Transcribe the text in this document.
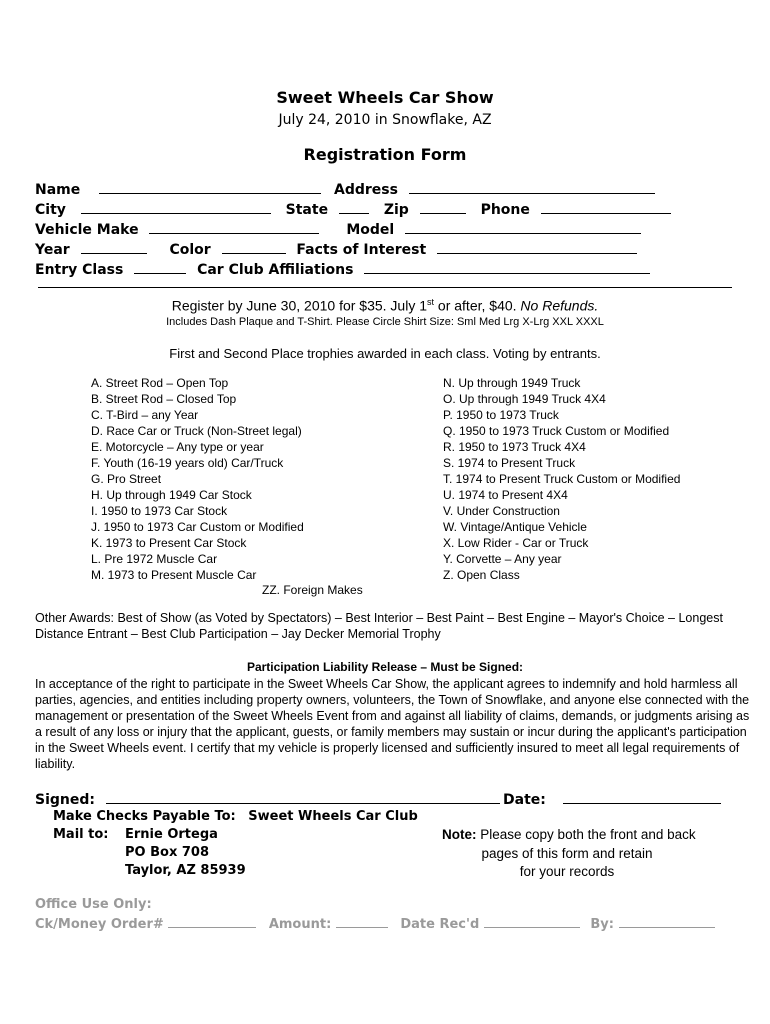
Sweet Wheels Car Show
July 24, 2010 in Snowflake, AZ
Registration Form
Name	Address
City	State	Zip	Phone
Vehicle Make	Model
Year	Color	Facts of Interest
Entry Class	Car Club Affiliations
Register by June 30, 2010 for $35. July 1st or after, $40. No Refunds.
Includes Dash Plaque and T-Shirt. Please Circle Shirt Size: Sml Med Lrg X-Lrg XXL XXXL
First and Second Place trophies awarded in each class. Voting by entrants.
A. Street Rod – Open Top
B. Street Rod – Closed Top
C. T-Bird – any Year
D. Race Car or Truck (Non-Street legal)
E. Motorcycle – Any type or year
F. Youth (16-19 years old) Car/Truck
G. Pro Street
H. Up through 1949 Car Stock
I. 1950 to 1973 Car Stock
J. 1950 to 1973 Car Custom or Modified
K. 1973 to Present Car Stock
L. Pre 1972 Muscle Car
M. 1973 to Present Muscle Car
N. Up through 1949 Truck
O. Up through 1949 Truck 4X4
P. 1950 to 1973 Truck
Q. 1950 to 1973 Truck Custom or Modified
R. 1950 to 1973 Truck 4X4
S. 1974 to Present Truck
T. 1974 to Present Truck Custom or Modified
U. 1974 to Present 4X4
V. Under Construction
W. Vintage/Antique Vehicle
X. Low Rider - Car or Truck
Y. Corvette – Any year
Z. Open Class
ZZ. Foreign Makes
Other Awards: Best of Show (as Voted by Spectators) – Best Interior – Best Paint – Best Engine – Mayor's Choice – Longest Distance Entrant – Best Club Participation – Jay Decker Memorial Trophy
Participation Liability Release – Must be Signed:
In acceptance of the right to participate in the Sweet Wheels Car Show, the applicant agrees to indemnify and hold harmless all parties, agencies, and entities including property owners, volunteers, the Town of Snowflake, and anyone else connected with the management or presentation of the Sweet Wheels Event from and against all liability of claims, demands, or judgments arising as a result of any loss or injury that the applicant, guests, or family members may sustain or incur during the applicant's participation in the Sweet Wheels event. I certify that my vehicle is properly licensed and sufficiently insured to meet all legal requirements of liability.
Signed:	Date:
Make Checks Payable To: Sweet Wheels Car Club
Mail to: Ernie Ortega
PO Box 708
Taylor, AZ 85939
Note: Please copy both the front and back
pages of this form and retain
for your records
Office Use Only:
Ck/Money Order#	Amount:	Date Rec'd	By:
